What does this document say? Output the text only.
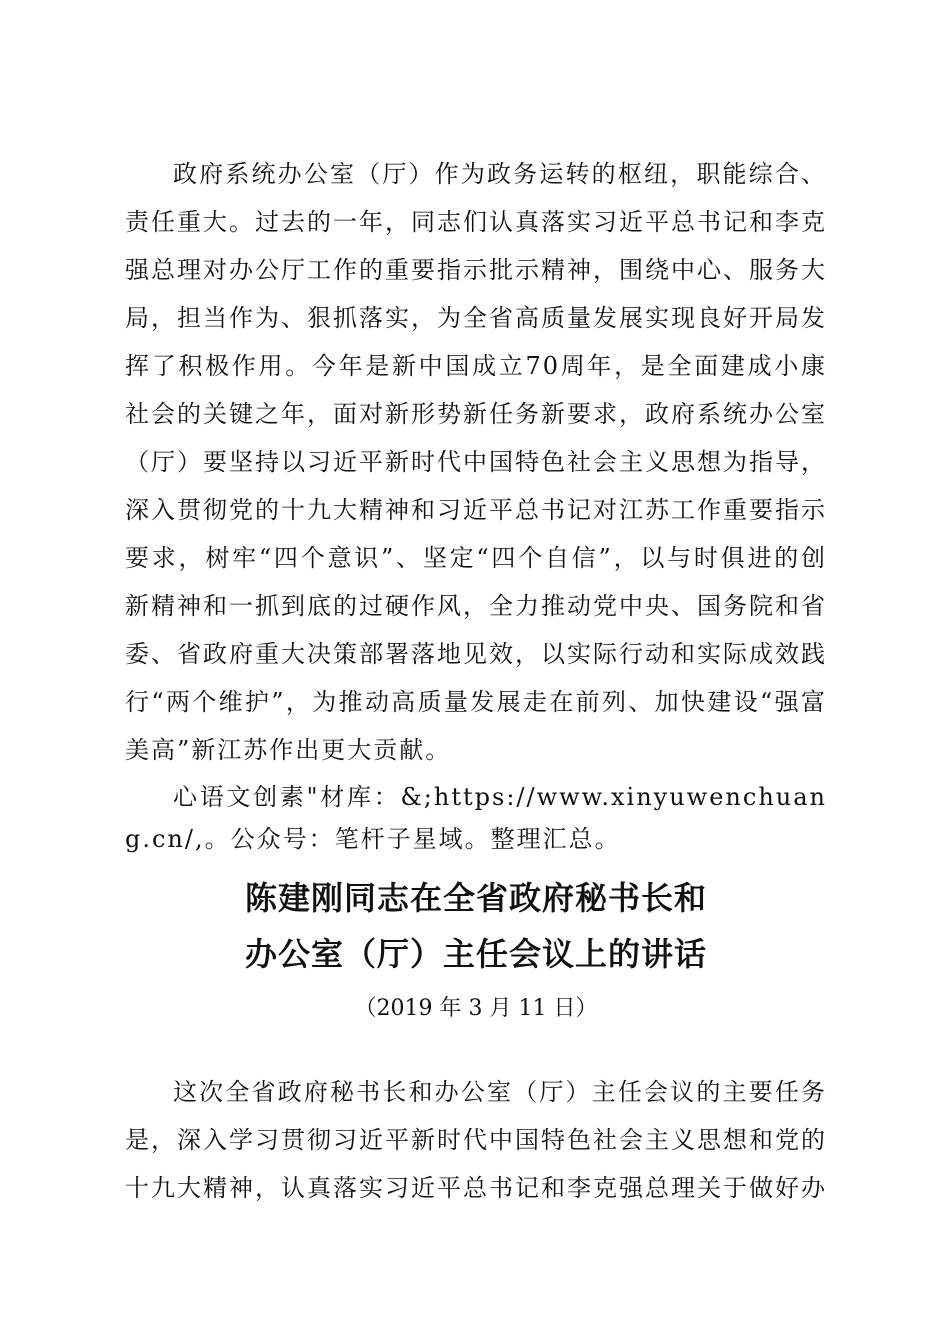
政府系统办公室（厅）作为政务运转的枢纽，职能综合、责任重大。过去的一年，同志们认真落实习近平总书记和李克强总理对办公厅工作的重要指示批示精神，围绕中心、服务大局，担当作为、狠抓落实，为全省高质量发展实现良好开局发挥了积极作用。今年是新中国成立70周年，是全面建成小康社会的关键之年，面对新形势新任务新要求，政府系统办公室（厅）要坚持以习近平新时代中国特色社会主义思想为指导，深入贯彻党的十九大精神和习近平总书记对江苏工作重要指示要求，树牢“四个意识”、坚定“四个自信”，以与时俱进的创新精神和一抓到底的过硬作风，全力推动党中央、国务院和省委、省政府重大决策部署落地见效，以实际行动和实际成效践行“两个维护”，为推动高质量发展走在前列、加快建设“强富美高”新江苏作出更大贡献。

心语文创素"材库：&;https://www.xinyuwenchuang.cn/,。公众号：笔杆子星域。整理汇总。

陈建刚同志在全省政府秘书长和

办公室（厅）主任会议上的讲话

（2019 年 3 月 11 日）

这次全省政府秘书长和办公室（厅）主任会议的主要任务是，深入学习贯彻习近平新时代中国特色社会主义思想和党的十九大精神，认真落实习近平总书记和李克强总理关于做好办
